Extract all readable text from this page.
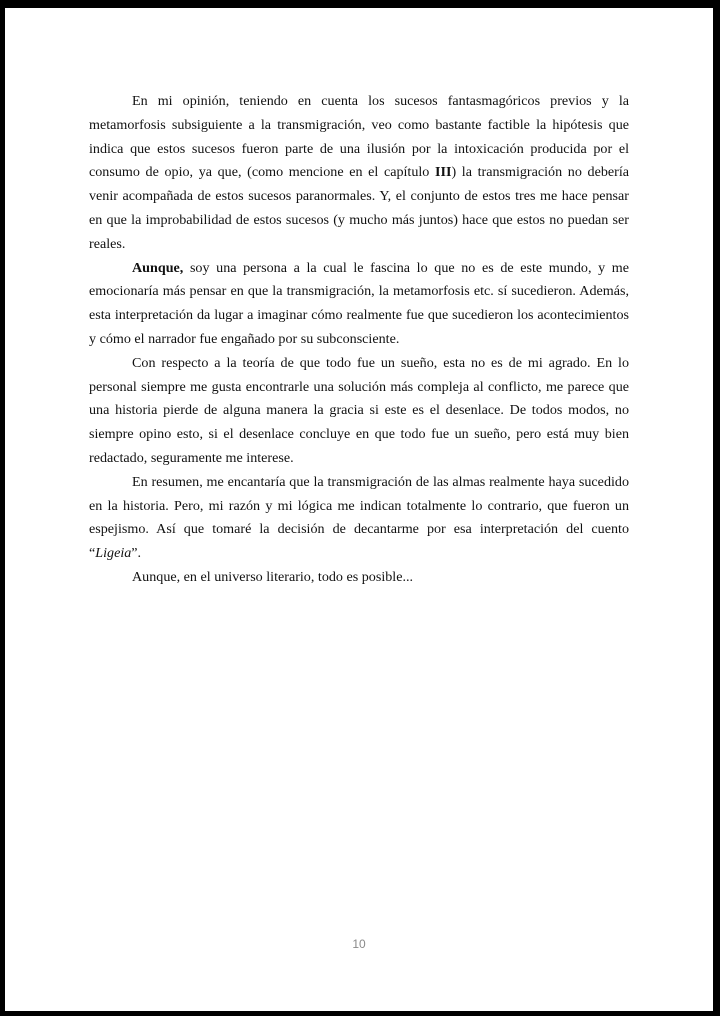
En mi opinión, teniendo en cuenta los sucesos fantasmagóricos previos y la metamorfosis subsiguiente a la transmigración, veo como bastante factible la hipótesis que indica que estos sucesos fueron parte de una ilusión por la intoxicación producida por el consumo de opio, ya que, (como mencione en el capítulo III) la transmigración no debería venir acompañada de estos sucesos paranormales. Y, el conjunto de estos tres me hace pensar en que la improbabilidad de estos sucesos (y mucho más juntos) hace que estos no puedan ser reales.

Aunque, soy una persona a la cual le fascina lo que no es de este mundo, y me emocionaría más pensar en que la transmigración, la metamorfosis etc. sí sucedieron. Además, esta interpretación da lugar a imaginar cómo realmente fue que sucedieron los acontecimientos y cómo el narrador fue engañado por su subconsciente.

Con respecto a la teoría de que todo fue un sueño, esta no es de mi agrado. En lo personal siempre me gusta encontrarle una solución más compleja al conflicto, me parece que una historia pierde de alguna manera la gracia si este es el desenlace. De todos modos, no siempre opino esto, si el desenlace concluye en que todo fue un sueño, pero está muy bien redactado, seguramente me interese.

En resumen, me encantaría que la transmigración de las almas realmente haya sucedido en la historia. Pero, mi razón y mi lógica me indican totalmente lo contrario, que fueron un espejismo. Así que tomaré la decisión de decantarme por esa interpretación del cuento “Ligeia”.

Aunque, en el universo literario, todo es posible...

10
